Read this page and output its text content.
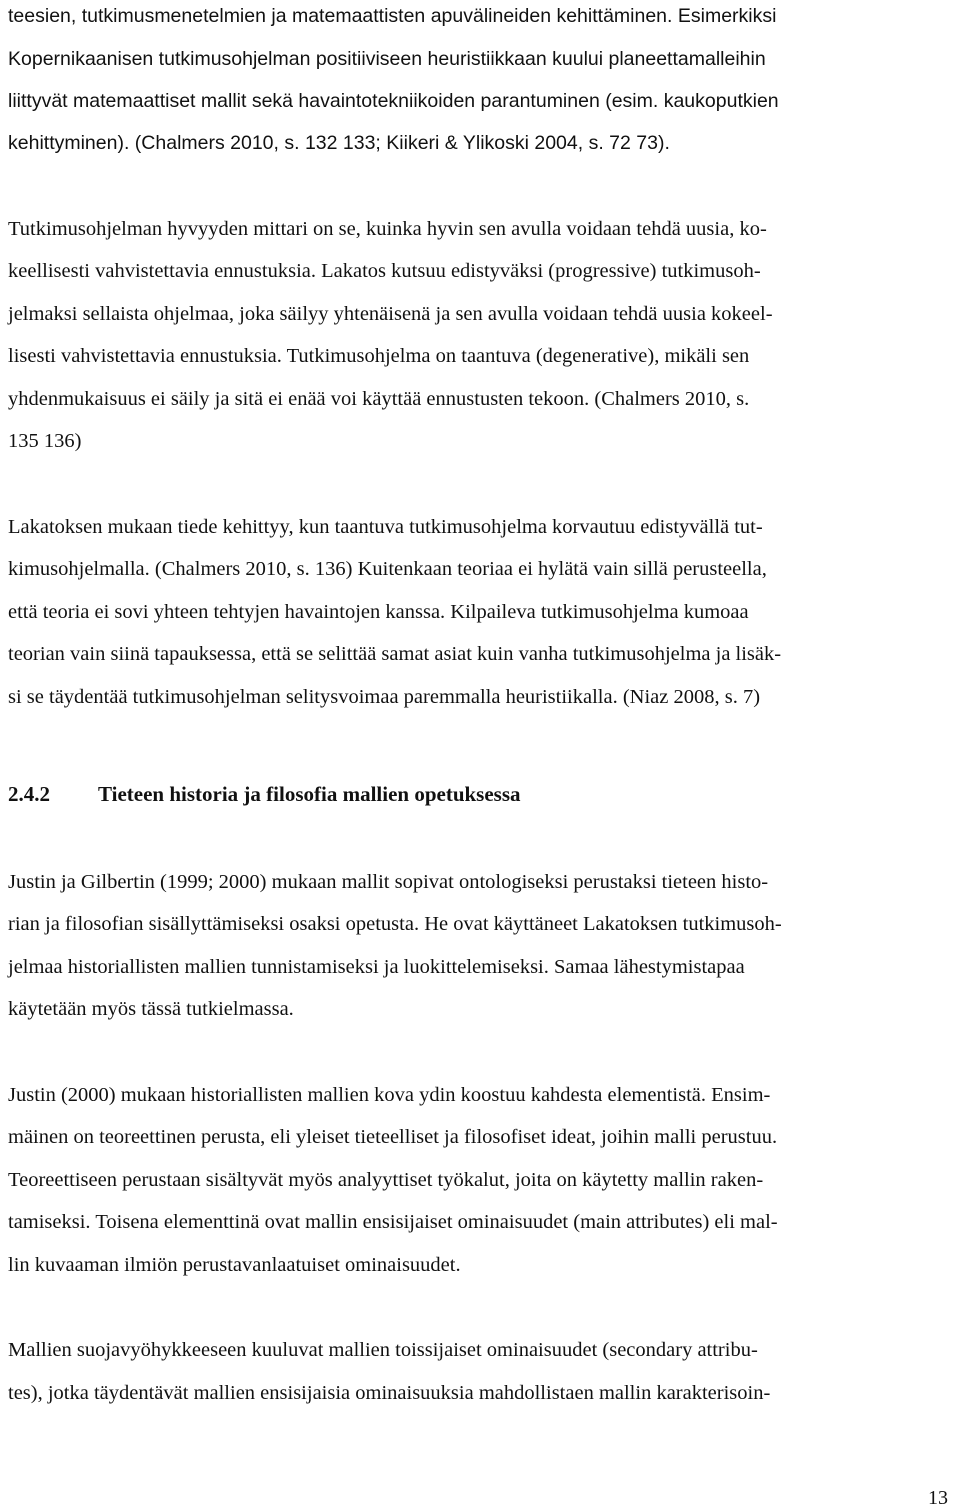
teesien, tutkimusmenetelmien ja matemaattisten apuvälineiden kehittäminen. Esimerkiksi
Kopernikaanisen tutkimusohjelman positiiviseen heuristiikkaan kuului planeettamalleihin
liittyvät matemaattiset mallit sekä havaintotekniikoiden parantuminen (esim. kaukoputkien
kehittyminen). (Chalmers 2010, s. 132 133; Kiikeri & Ylikoski 2004, s. 72 73).
Tutkimusohjelman hyvyyden mittari on se, kuinka hyvin sen avulla voidaan tehdä uusia, ko-
keellisesti vahvistettavia ennustuksia. Lakatos kutsuu edistyväksi (progressive) tutkimusoh-
jelmaksi sellaista ohjelmaa, joka säilyy yhtenäisenä ja sen avulla voidaan tehdä uusia kokeel-
lisesti vahvistettavia ennustuksia. Tutkimusohjelma on taantuva (degenerative), mikäli sen
yhdenmukaisuus ei säily ja sitä ei enää voi käyttää ennustusten tekoon. (Chalmers 2010, s.
135 136)
Lakatoksen mukaan tiede kehittyy, kun taantuva tutkimusohjelma korvautuu edistyvällä tut-
kimusohjelmalla. (Chalmers 2010, s. 136) Kuitenkaan teoriaa ei hylätä vain sillä perusteella,
että teoria ei sovi yhteen tehtyjen havaintojen kanssa. Kilpaileva tutkimusohjelma kumoaa
teorian vain siinä tapauksessa, että se selittää samat asiat kuin vanha tutkimusohjelma ja lisäk-
si se täydentää tutkimusohjelman selitysvoimaa paremmalla heuristiikalla. (Niaz 2008, s. 7)
2.4.2 Tieteen historia ja filosofia mallien opetuksessa
Justin ja Gilbertin (1999; 2000) mukaan mallit sopivat ontologiseksi perustaksi tieteen histo-
rian ja filosofian sisällyttämiseksi osaksi opetusta. He ovat käyttäneet Lakatoksen tutkimusoh-
jelmaa historiallisten mallien tunnistamiseksi ja luokittelemiseksi. Samaa lähestymistapaa
käytetään myös tässä tutkielmassa.
Justin (2000) mukaan historiallisten mallien kova ydin koostuu kahdesta elementistä. Ensim-
mäinen on teoreettinen perusta, eli yleiset tieteelliset ja filosofiset ideat, joihin malli perustuu.
Teoreettiseen perustaan sisältyvät myös analyyttiset työkalut, joita on käytetty mallin raken-
tamiseksi. Toisena elementtinä ovat mallin ensisijaiset ominaisuudet (main attributes) eli mal-
lin kuvaaman ilmiön perustavanlaatuiset ominaisuudet.
Mallien suojavyöhykkeeseen kuuluvat mallien toissijaiset ominaisuudet (secondary attribu-
tes), jotka täydentävät mallien ensisijaisia ominaisuuksia mahdollistaen mallin karakterisoin-
13
